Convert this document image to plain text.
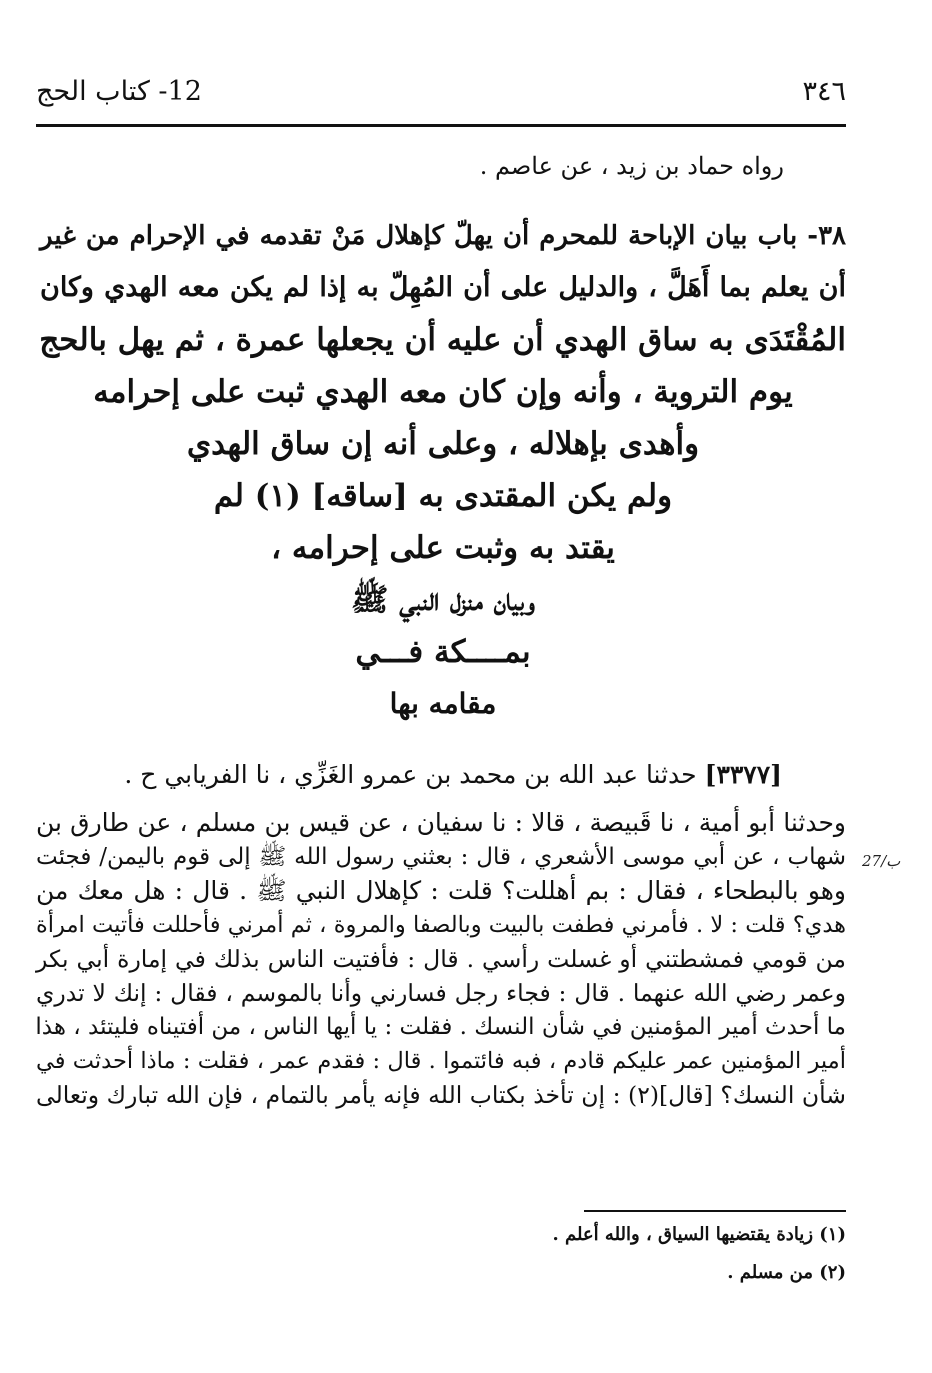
٣٤٦
12- كتاب الحج
رواه حماد بن زيد ، عن عاصم .
٣٨- باب بيان الإباحة للمحرم أن يهلّ كإهلال مَنْ تقدمه في الإحرام من غير
أن يعلم بما أَهَلَّ ، والدليل على أن المُهِلّ به إذا لم يكن معه الهدي وكان
المُقْتَدَى به ساق الهدي أن عليه أن يجعلها عمرة ، ثم يهل بالحج
يوم التروية ، وأنه وإن كان معه الهدي ثبت على إحرامه
وأهدى بإهلاله ، وعلى أنه إن ساق الهدي
ولم يكن المقتدى به [ساقه] (١) لم
يقتد به وثبت على إحرامه ،
وبيان منزل النبي ﷺ
بمــــكة فـــي
مقامه بها
[٣٣٧٧] حدثنا عبد الله بن محمد بن عمرو الغَزِّي ، نا الفريابي ح .
وحدثنا أبو أمية ، نا قَبيصة ، قالا : نا سفيان ، عن قيس بن مسلم ، عن طارق بن
شهاب ، عن أبي موسى الأشعري ، قال : بعثني رسول الله ﷺ إلى قوم باليمن/ فجئت
وهو بالبطحاء ، فقال : بم أهللت؟ قلت : كإهلال النبي ﷺ . قال : هل معك من
هدي؟ قلت : لا . فأمرني فطفت بالبيت وبالصفا والمروة ، ثم أمرني فأحللت فأتيت امرأة
من قومي فمشطتني أو غسلت رأسي . قال : فأفتيت الناس بذلك في إمارة أبي بكر
وعمر رضي الله عنهما . قال : فجاء رجل فسارني وأنا بالموسم ، فقال : إنك لا تدري
ما أحدث أمير المؤمنين في شأن النسك . فقلت : يا أيها الناس ، من أفتيناه فليتئد ، هذا
أمير المؤمنين عمر عليكم قادم ، فبه فائتموا . قال : فقدم عمر ، فقلت : ماذا أحدثت في
شأن النسك؟ [قال](٢) : إن تأخذ بكتاب الله فإنه يأمر بالتمام ، فإن الله تبارك وتعالى
27/ب
(١) زيادة يقتضيها السياق ، والله أعلم .
(٢) من مسلم .
